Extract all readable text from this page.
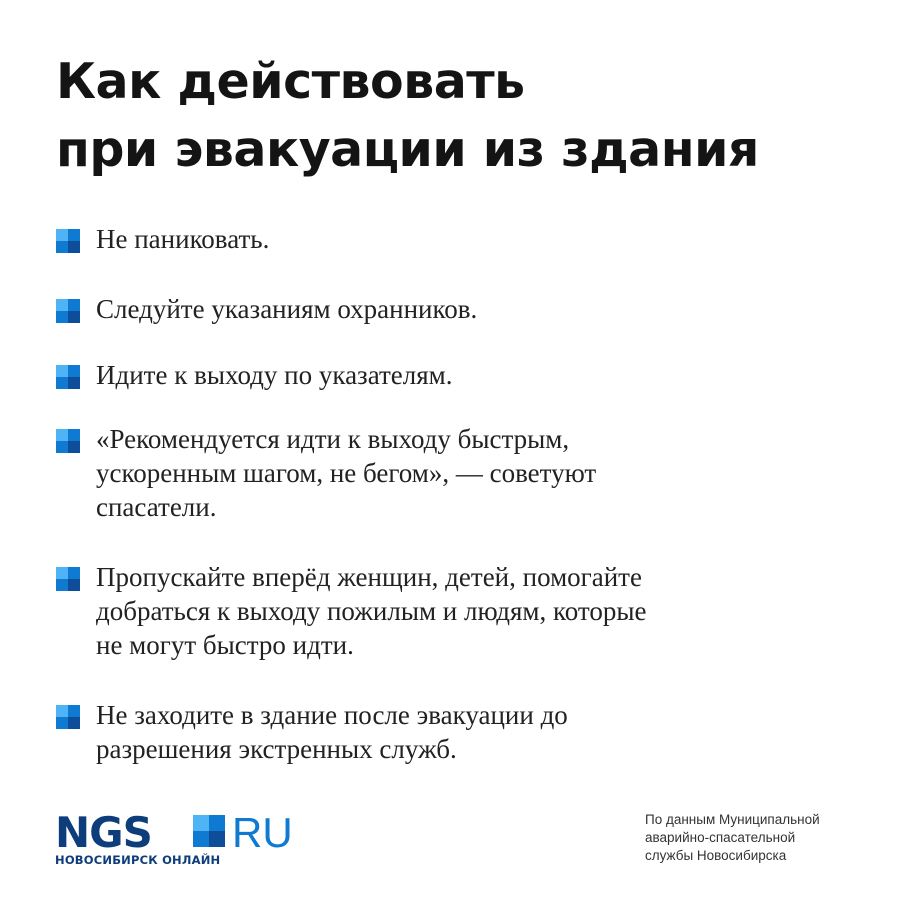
Как действовать
при эвакуации из здания
Не паниковать.
Следуйте указаниям охранников.
Идите к выходу по указателям.
«Рекомендуется идти к выходу быстрым,
ускоренным шагом, не бегом», — советуют
спасатели.
Пропускайте вперёд женщин, детей, помогайте
добраться к выходу пожилым и людям, которые
не могут быстро идти.
Не заходите в здание после эвакуации до
разрешения экстренных служб.
NGS RU
НОВОСИБИРСК ОНЛАЙН
По данным Муниципальной
аварийно-спасательной
службы Новосибирска
